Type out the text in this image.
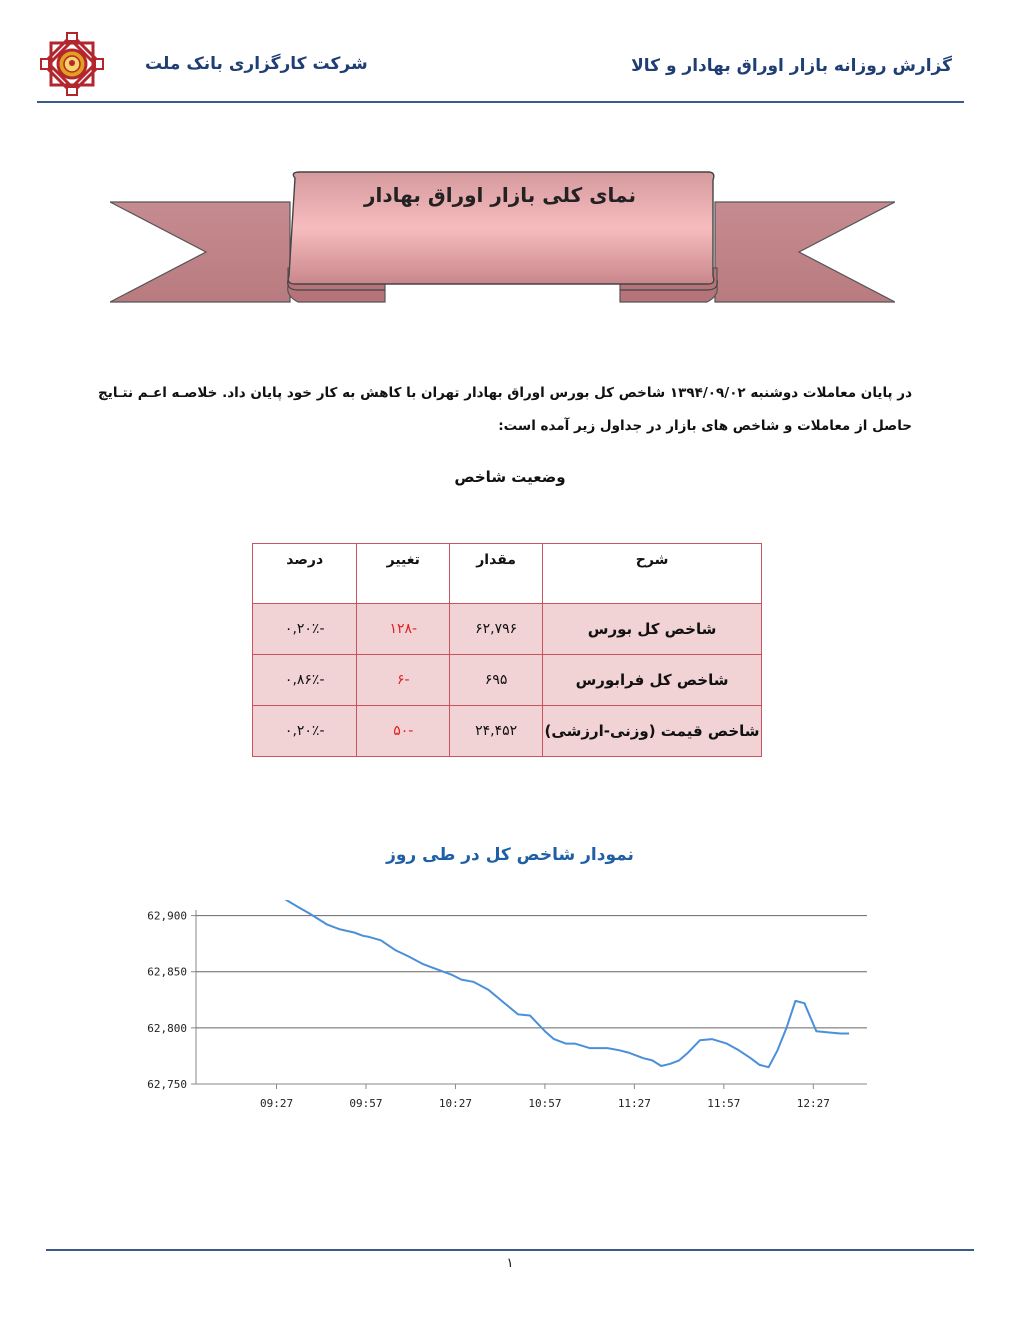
شرکت کارگزاری بانک ملت	گزارش روزانه بازار اوراق بهادار و کالا
نمای کلی بازار اوراق بهادار
در پایان معاملات دوشنبه ۱۳۹۴/۰۹/۰۲ شاخص کل بورس اوراق بهادار تهران با کاهش به کار خود پایان داد. خلاصـه اعـم نتـایج
حاصل از معاملات و شاخص های بازار در جداول زیر آمده است:
وضعیت شاخص
شرح	مقدار	تغییر	درصد
شاخص کل بورس	۶۲,۷۹۶	-۱۲۸	-۰,۲۰٪
شاخص کل فرابورس	۶۹۵	-۶	-۰,۸۶٪
شاخص قیمت (وزنی-ارزشی)	۲۴,۴۵۲	-۵۰	-۰,۲۰٪
نمودار شاخص کل در طی روز
62,750
62,800
62,850
62,900
09:27	09:57	10:27	10:57	11:27	11:57	12:27
۱
